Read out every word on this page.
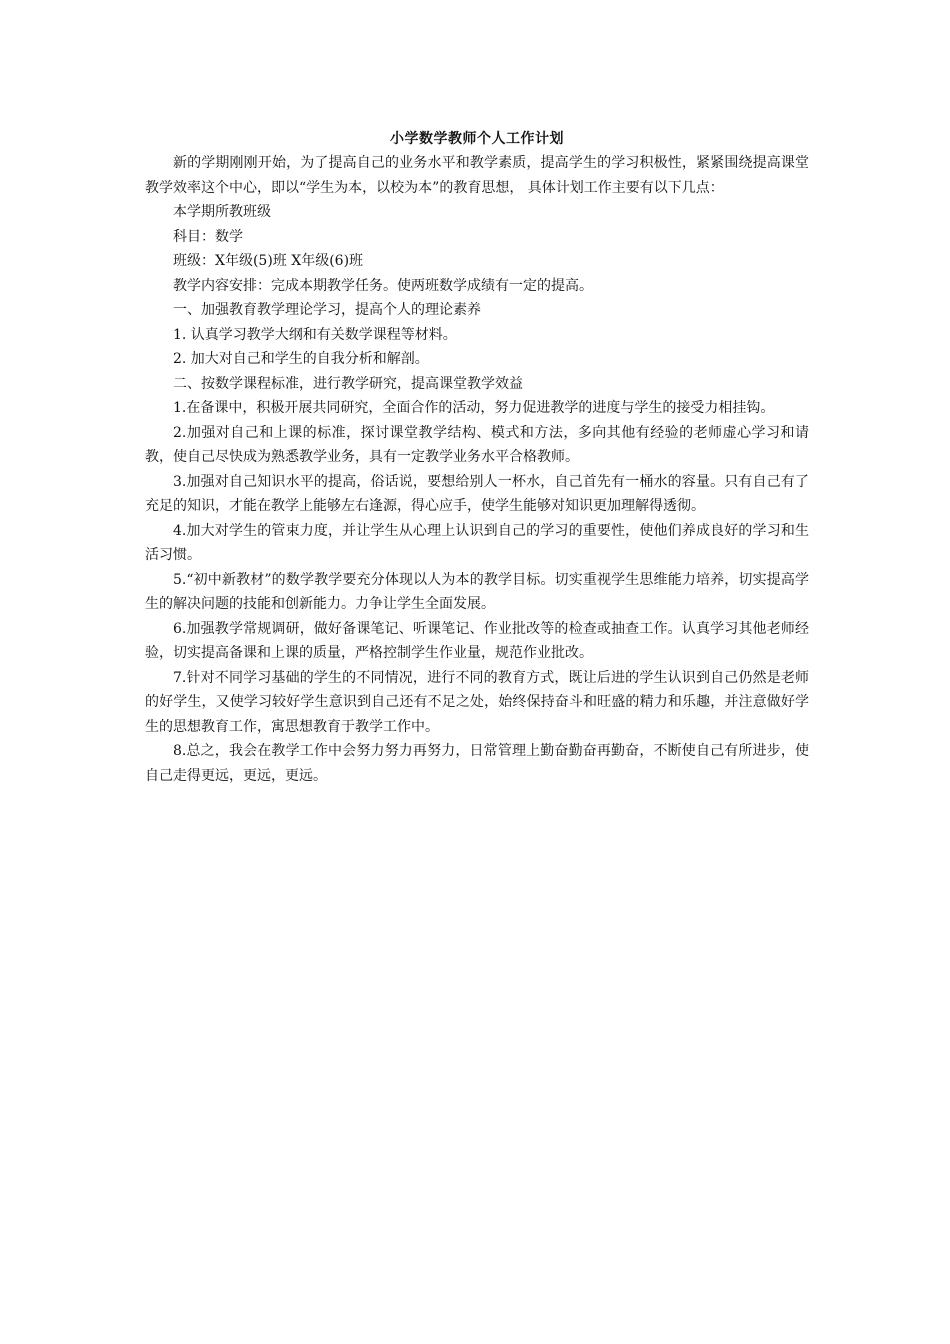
小学数学教师个人工作计划

新的学期刚刚开始，为了提高自己的业务水平和教学素质，提高学生的学习积极性，紧紧围绕提高课堂教学效率这个中心，即以“学生为本，以校为本”的教育思想， 具体计划工作主要有以下几点：

本学期所教班级

科目：数学

班级：X年级(5)班 X年级(6)班

教学内容安排：完成本期教学任务。使两班数学成绩有一定的提高。

一、加强教育教学理论学习，提高个人的理论素养

1. 认真学习教学大纲和有关数学课程等材料。

2. 加大对自己和学生的自我分析和解剖。

二、按数学课程标准，进行教学研究，提高课堂教学效益

1.在备课中，积极开展共同研究，全面合作的活动，努力促进教学的进度与学生的接受力相挂钩。

2.加强对自己和上课的标准，探讨课堂教学结构、模式和方法，多向其他有经验的老师虚心学习和请教，使自己尽快成为熟悉教学业务，具有一定教学业务水平合格教师。

3.加强对自己知识水平的提高，俗话说，要想给别人一杯水，自己首先有一桶水的容量。只有自己有了充足的知识，才能在教学上能够左右逢源，得心应手，使学生能够对知识更加理解得透彻。

4.加大对学生的管束力度，并让学生从心理上认识到自己的学习的重要性，使他们养成良好的学习和生活习惯。

5.“初中新教材”的数学教学要充分体现以人为本的教学目标。切实重视学生思维能力培养，切实提高学生的解决问题的技能和创新能力。力争让学生全面发展。

6.加强教学常规调研，做好备课笔记、听课笔记、作业批改等的检查或抽查工作。认真学习其他老师经验，切实提高备课和上课的质量，严格控制学生作业量，规范作业批改。

7.针对不同学习基础的学生的不同情况，进行不同的教育方式，既让后进的学生认识到自己仍然是老师的好学生，又使学习较好学生意识到自己还有不足之处，始终保持奋斗和旺盛的精力和乐趣，并注意做好学生的思想教育工作，寓思想教育于教学工作中。

8.总之，我会在教学工作中会努力努力再努力，日常管理上勤奋勤奋再勤奋，不断使自己有所进步，使自己走得更远，更远，更远。
